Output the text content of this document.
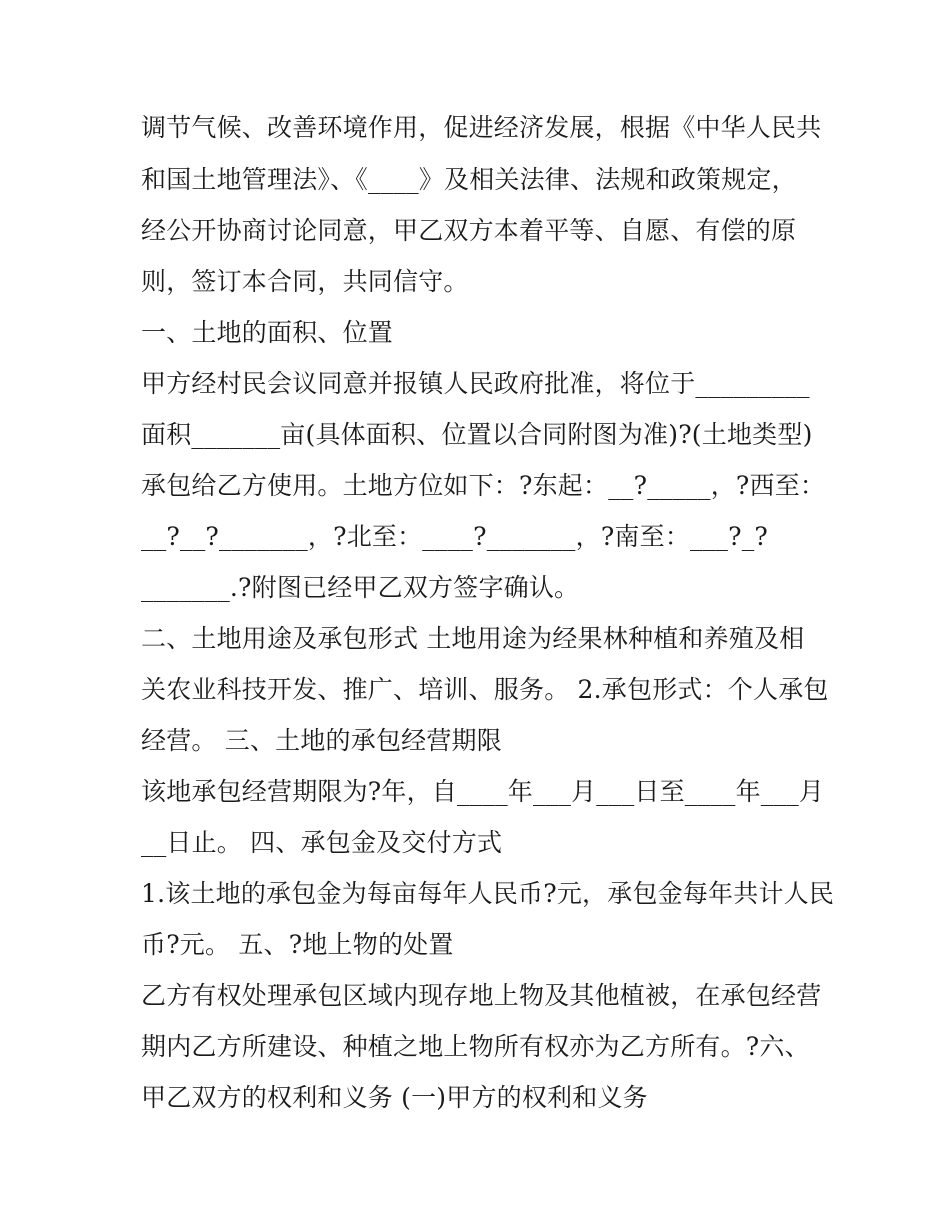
调节气候、改善环境作用，促进经济发展，根据《中华人民共
和国土地管理法》、《____》及相关法律、法规和政策规定，
经公开协商讨论同意，甲乙双方本着平等、自愿、有偿的原
则，签订本合同，共同信守。
一、土地的面积、位置
甲方经村民会议同意并报镇人民政府批准，将位于_________
面积_______亩(具体面积、位置以合同附图为准)?(土地类型)
承包给乙方使用。土地方位如下：?东起：__?_____，?西至：
__?__?_______，?北至：____?_______，?南至：___?_?
_______.?附图已经甲乙双方签字确认。
二、土地用途及承包形式 土地用途为经果林种植和养殖及相
关农业科技开发、推广、培训、服务。 2.承包形式：个人承包
经营。 三、土地的承包经营期限
该地承包经营期限为?年，自____年___月___日至____年___月
__日止。 四、承包金及交付方式
1.该土地的承包金为每亩每年人民币?元，承包金每年共计人民
币?元。 五、?地上物的处置
乙方有权处理承包区域内现存地上物及其他植被，在承包经营
期内乙方所建设、种植之地上物所有权亦为乙方所有。?六、
甲乙双方的权利和义务 (一)甲方的权利和义务
